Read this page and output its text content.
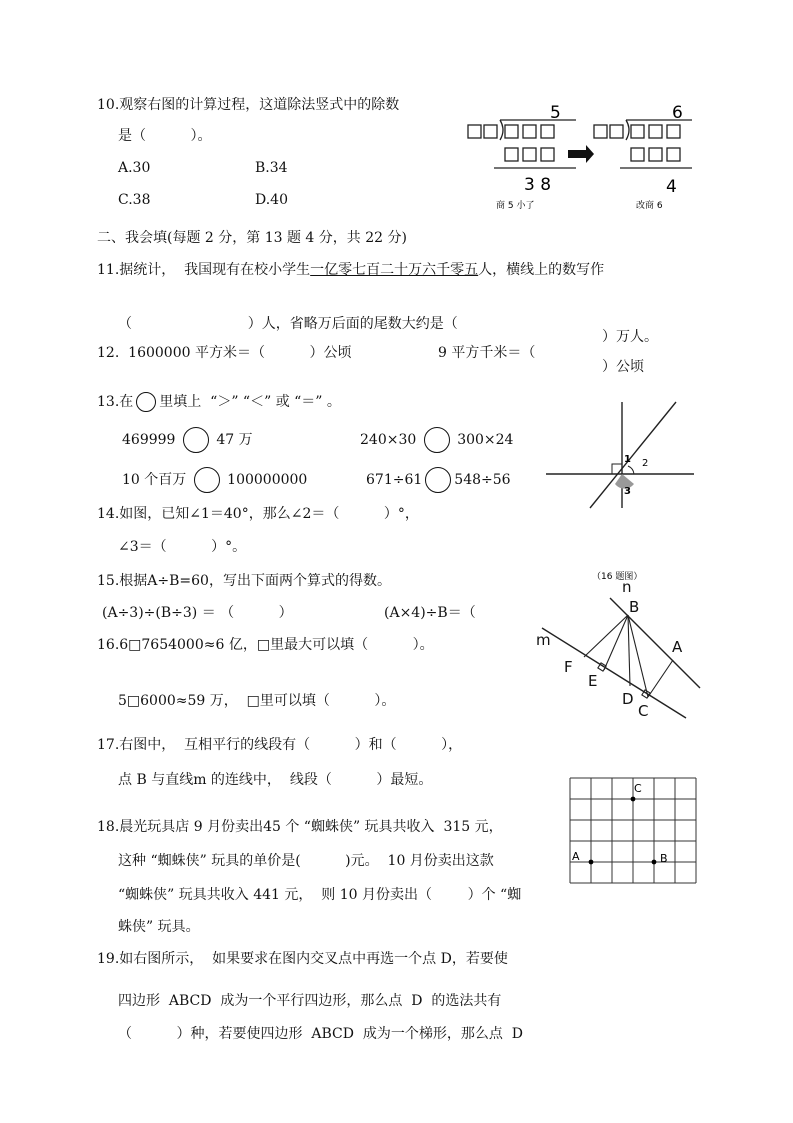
10.观察右图的计算过程，这道除法竖式中的除数
是（          ）。
A.30	B.34
C.38	D.40
5
3 8
商 5 小了
6
4
改商 6
二、我会填(每题 2 分，第 13 题 4 分，共 22 分)
11.据统计，  我国现有在校小学生一亿零七百二十万六千零五人，横线上的数写作
（                          ）人，省略万后面的尾数大约是（
）万人。
12.  1600000 平方米＝（          ）公顷	9 平方千米＝（
）公顷
13.在 里填上  “＞” “＜” 或 “＝” 。
469999	47 万	240×30	300×24
10 个百万	100000000	671÷61 548÷56
1 2
3
14.如图，已知∠1＝40°，那么∠2＝（          ）°，
∠3＝（          ）°。
15.根据A÷B=60，写出下面两个算式的得数。
(A÷3)÷(B÷3) ＝ （          ）	(A×4)÷B＝（
16.6□7654000≈6 亿，□里最大可以填（          ）。
5□6000≈59 万，  □里可以填（          ）。
（16 题图）
n
B
A
m
F
E
D
C
17.右图中，  互相平行的线段有（          ）和（          ），
点 B 与直线m 的连线中，  线段（          ）最短。
18.晨光玩具店 9 月份卖出45 个 “蜘蛛侠” 玩具共收入  315 元，
这种 “蜘蛛侠” 玩具的单价是(          )元。  10 月份卖出这款
“蜘蛛侠” 玩具共收入 441 元，  则 10 月份卖出（        ）个 “蜘
蛛侠” 玩具。
A	B
C
19.如右图所示，  如果要求在图内交叉点中再选一个点 D，若要使
四边形  ABCD  成为一个平行四边形，那么点  D  的选法共有
（          ）种，若要使四边形  ABCD  成为一个梯形，那么点  D
